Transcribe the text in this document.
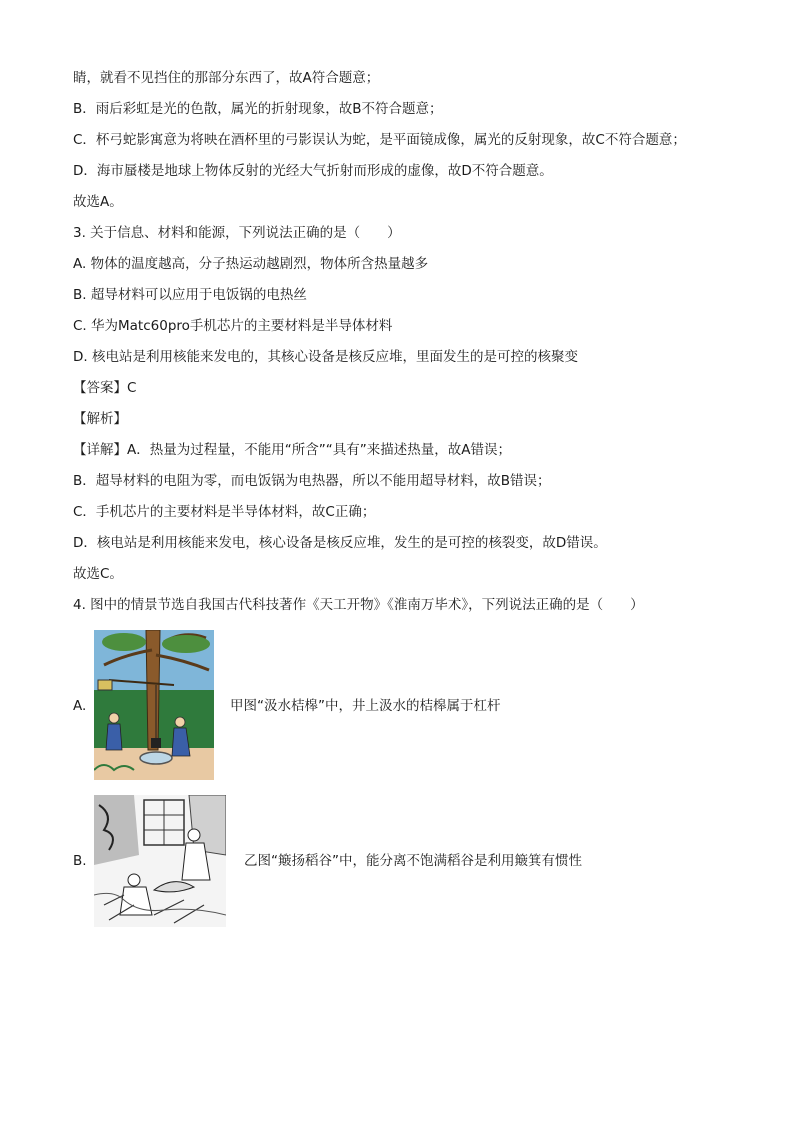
睛，就看不见挡住的那部分东西了，故A符合题意；
B．雨后彩虹是光的色散，属光的折射现象，故B不符合题意；
C．杯弓蛇影寓意为将映在酒杯里的弓影误认为蛇，是平面镜成像，属光的反射现象，故C不符合题意；
D．海市蜃楼是地球上物体反射的光经大气折射而形成的虚像，故D不符合题意。
故选A。
3. 关于信息、材料和能源，下列说法正确的是（　　）
A. 物体的温度越高，分子热运动越剧烈，物体所含热量越多
B. 超导材料可以应用于电饭锅的电热丝
C. 华为Matc60pro手机芯片的主要材料是半导体材料
D. 核电站是利用核能来发电的，其核心设备是核反应堆，里面发生的是可控的核聚变
【答案】C
【解析】
【详解】A．热量为过程量，不能用“所含”“具有”来描述热量，故A错误；
B．超导材料的电阻为零，而电饭锅为电热器，所以不能用超导材料，故B错误；
C．手机芯片的主要材料是半导体材料，故C正确；
D．核电站是利用核能来发电，核心设备是核反应堆，发生的是可控的核裂变，故D错误。
故选C。
4. 图中的情景节选自我国古代科技著作《天工开物》《淮南万毕术》，下列说法正确的是（　　）
A.	甲图“汲水桔槔”中，井上汲水的桔槔属于杠杆
B.	乙图“簸扬稻谷”中，能分离不饱满稻谷是利用簸箕有惯性
